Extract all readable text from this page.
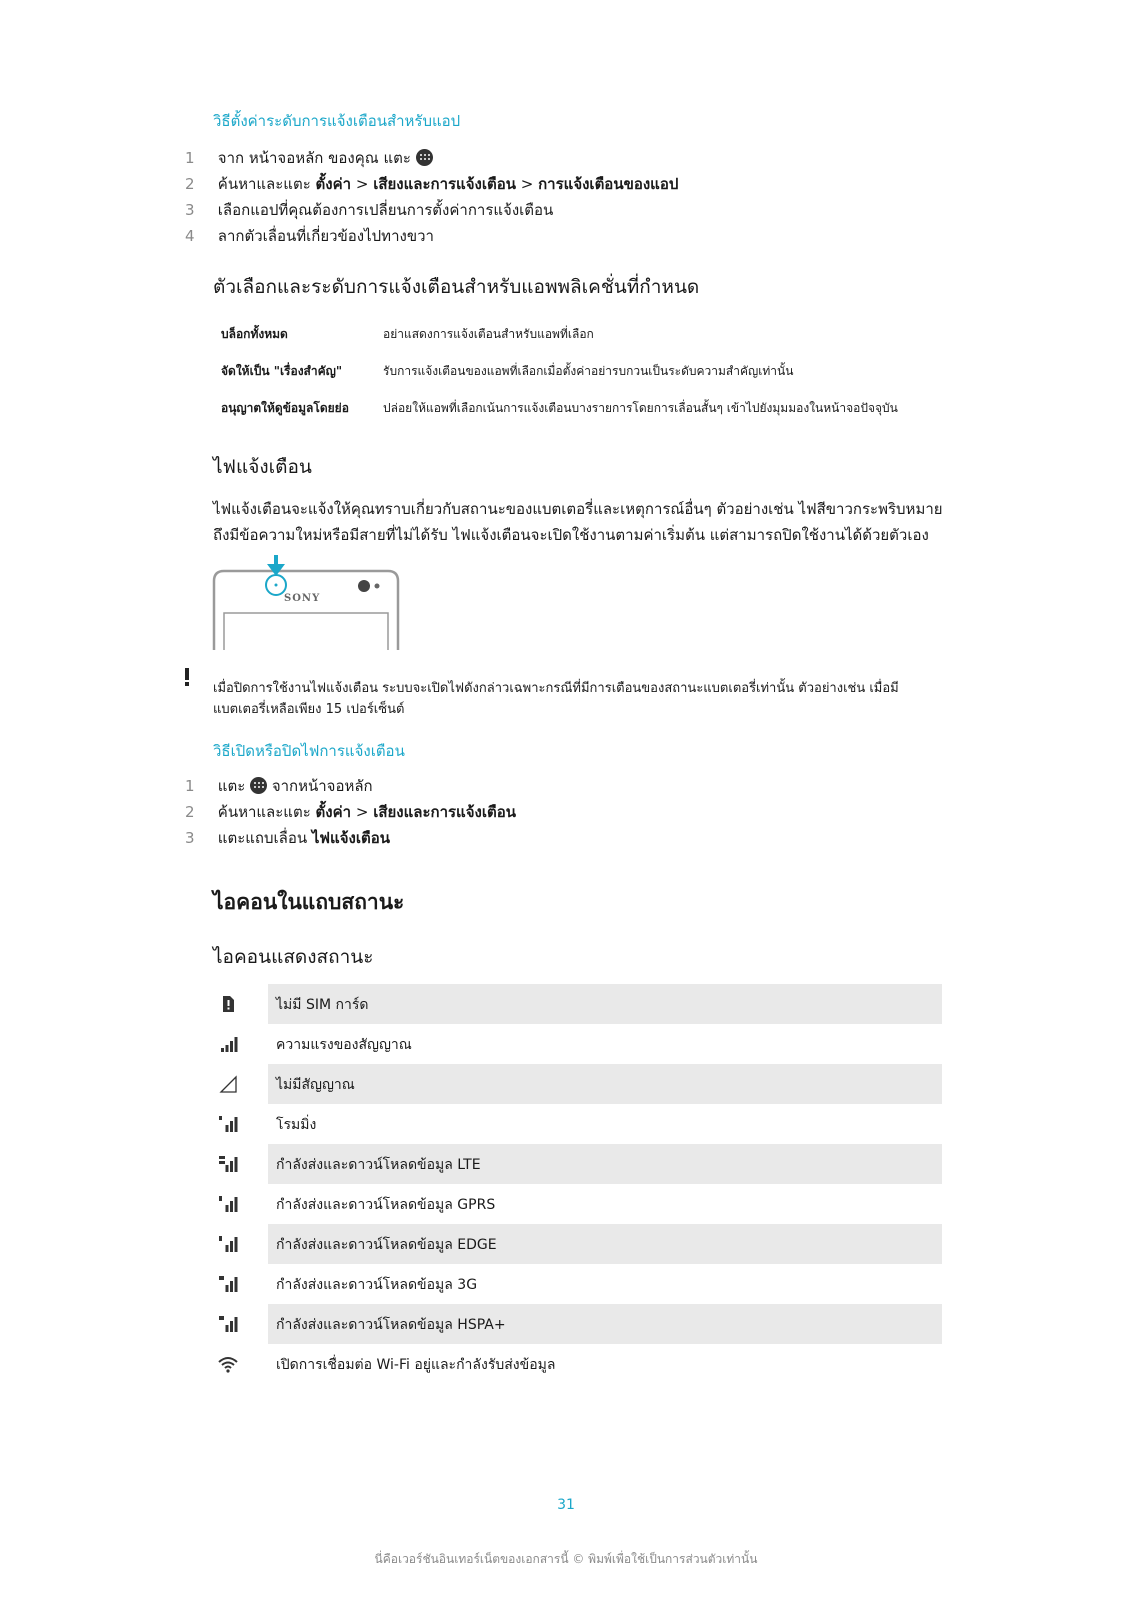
วิธีตั้งค่าระดับการแจ้งเตือนสำหรับแอป
1 จาก หน้าจอหลัก ของคุณ แตะ
2 ค้นหาและแตะ ตั้งค่า > เสียงและการแจ้งเตือน > การแจ้งเตือนของแอป
3 เลือกแอปที่คุณต้องการเปลี่ยนการตั้งค่าการแจ้งเตือน
4 ลากตัวเลื่อนที่เกี่ยวข้องไปทางขวา
ตัวเลือกและระดับการแจ้งเตือนสำหรับแอพพลิเคชั่นที่กำหนด
บล็อกทั้งหมด	อย่าแสดงการแจ้งเตือนสำหรับแอพที่เลือก
จัดให้เป็น "เรื่องสำคัญ"	รับการแจ้งเตือนของแอพที่เลือกเมื่อตั้งค่าอย่ารบกวนเป็นระดับความสำคัญเท่านั้น
อนุญาตให้ดูข้อมูลโดยย่อ	ปล่อยให้แอพที่เลือกเน้นการแจ้งเตือนบางรายการโดยการเลื่อนสั้นๆ เข้าไปยังมุมมองในหน้าจอปัจจุบัน
ไฟแจ้งเตือน
ไฟแจ้งเตือนจะแจ้งให้คุณทราบเกี่ยวกับสถานะของแบตเตอรี่และเหตุการณ์อื่นๆ ตัวอย่างเช่น ไฟสีขาวกระพริบหมายถึงมีข้อความใหม่หรือมีสายที่ไม่ได้รับ ไฟแจ้งเตือนจะเปิดใช้งานตามค่าเริ่มต้น แต่สามารถปิดใช้งานได้ด้วยตัวเอง
SONY
เมื่อปิดการใช้งานไฟแจ้งเตือน ระบบจะเปิดไฟดังกล่าวเฉพาะกรณีที่มีการเตือนของสถานะแบตเตอรี่เท่านั้น ตัวอย่างเช่น เมื่อมีแบตเตอรี่เหลือเพียง 15 เปอร์เซ็นต์
วิธีเปิดหรือปิดไฟการแจ้งเตือน
1 แตะ จากหน้าจอหลัก
2 ค้นหาและแตะ ตั้งค่า > เสียงและการแจ้งเตือน
3 แตะแถบเลื่อน ไฟแจ้งเตือน
ไอคอนในแถบสถานะ
ไอคอนแสดงสถานะ
ไม่มี SIM การ์ด
ความแรงของสัญญาณ
ไม่มีสัญญาณ
โรมมิ่ง
กำลังส่งและดาวน์โหลดข้อมูล LTE
กำลังส่งและดาวน์โหลดข้อมูล GPRS
กำลังส่งและดาวน์โหลดข้อมูล EDGE
กำลังส่งและดาวน์โหลดข้อมูล 3G
กำลังส่งและดาวน์โหลดข้อมูล HSPA+
เปิดการเชื่อมต่อ Wi-Fi อยู่และกำลังรับส่งข้อมูล
31
นี่คือเวอร์ชันอินเทอร์เน็ตของเอกสารนี้ © พิมพ์เพื่อใช้เป็นการส่วนตัวเท่านั้น
